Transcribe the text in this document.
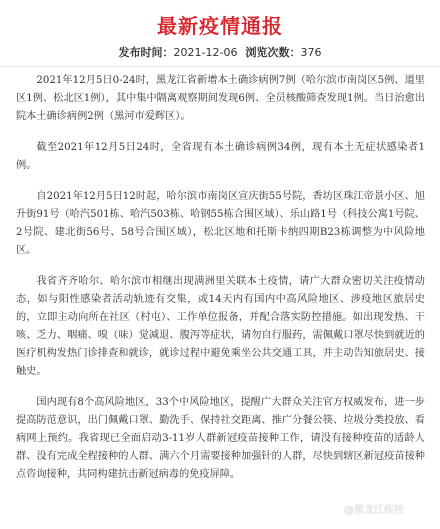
最新疫情通报
发布时间：2021-12-06 浏览次数：376

2021年12月5日0-24时，黑龙江省新增本土确诊病例7例（哈尔滨市南岗区5例、道里区1例、松北区1例），其中集中隔离观察期间发现6例、全员核酸筛查发现1例。当日治愈出院本土确诊病例2例（黑河市爱辉区）。

截至2021年12月5日24时，全省现有本土确诊病例34例，现有本土无症状感染者1例。

自2021年12月5日12时起，哈尔滨市南岗区宣庆街55号院，香坊区珠江帝景小区、旭升街91号（哈汽501栋、哈汽503栋、哈钢55栋合围区域）、乐山路1号（科技公寓1号院、2号院、建北街56号、58号合围区域），松北区地和托斯卡纳四期B23栋调整为中风险地区。

我省齐齐哈尔、哈尔滨市相继出现满洲里关联本土疫情，请广大群众密切关注疫情动态，如与阳性感染者活动轨迹有交集，或14天内有国内中高风险地区、涉疫地区旅居史的，立即主动向所在社区（村屯）、工作单位报备，并配合落实防控措施。如出现发热、干咳、乏力、咽痛、嗅（味）觉减退、腹泻等症状，请勿自行服药，需佩戴口罩尽快到就近的医疗机构发热门诊排查和就诊，就诊过程中避免乘坐公共交通工具，并主动告知旅居史、接触史。

国内现有8个高风险地区，33个中风险地区，提醒广大群众关注官方权威发布，进一步提高防范意识，出门佩戴口罩、勤洗手、保持社交距离、推广分餐公筷、垃圾分类投放、看病网上预约。我省现已全面启动3-11岁人群新冠疫苗接种工作，请没有接种疫苗的适龄人群、没有完成全程接种的人群、满六个月需要接种加强针的人群，尽快到辖区新冠疫苗接种点咨询接种，共同构建抗击新冠病毒的免疫屏障。

@黑龙江疾控
